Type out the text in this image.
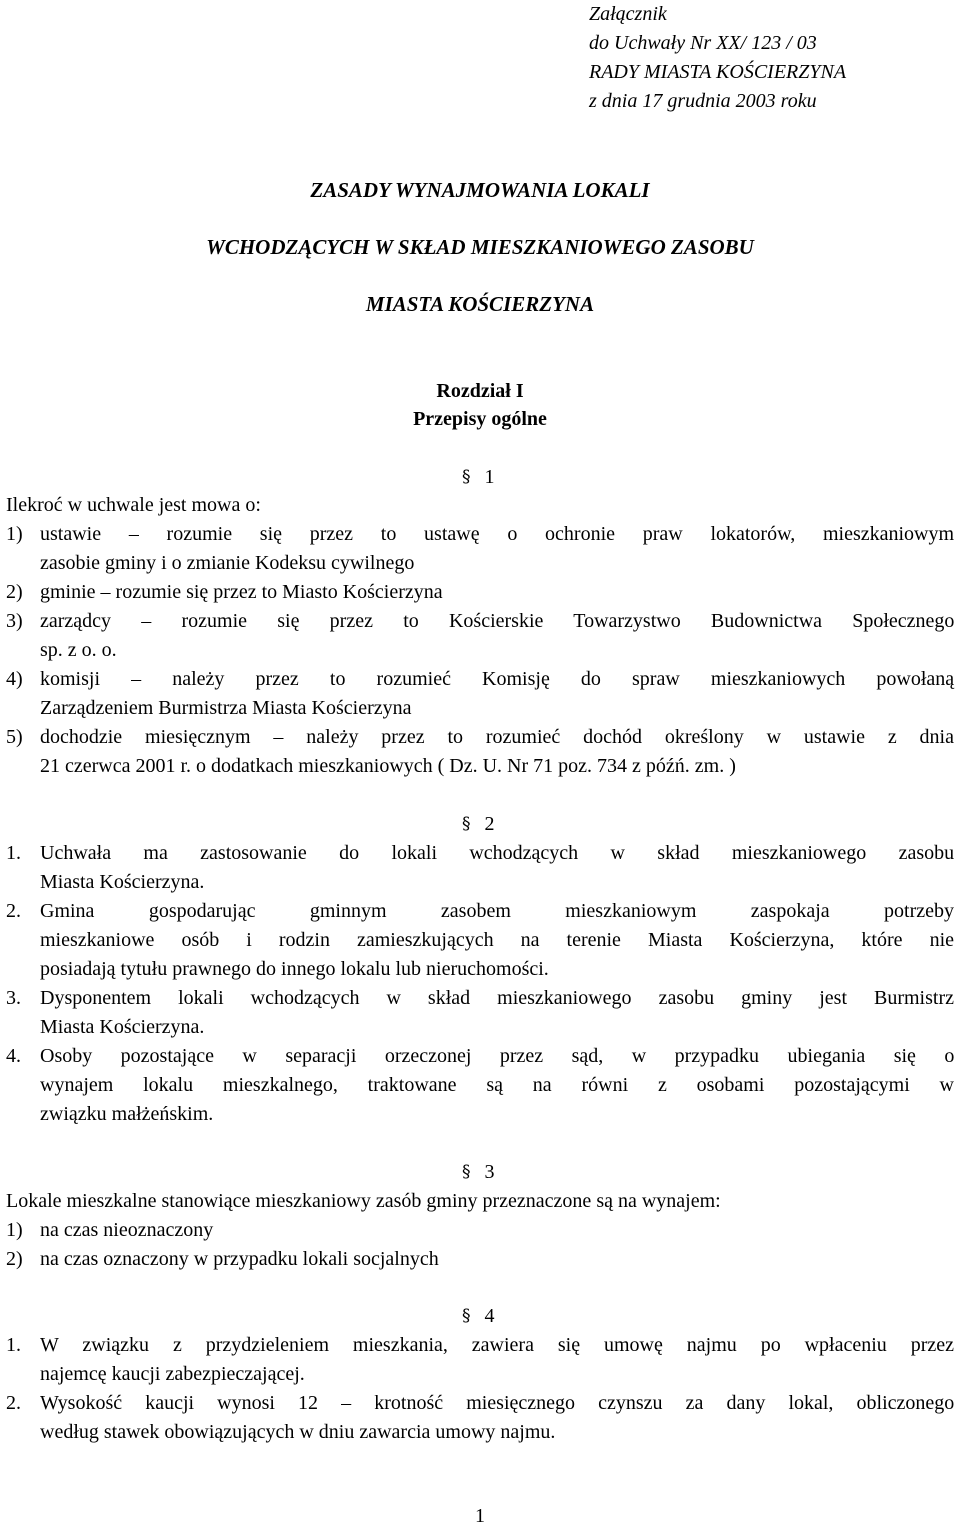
Załącznik
do Uchwały Nr XX/ 123 / 03
RADY MIASTA KOŚCIERZYNA
z dnia 17 grudnia 2003 roku
ZASADY WYNAJMOWANIA LOKALI
WCHODZĄCYCH W SKŁAD MIESZKANIOWEGO ZASOBU
MIASTA KOŚCIERZYNA
Rozdział I
Przepisy ogólne
§ 1
Ilekroć w uchwale jest mowa o:
1) ustawie – rozumie się przez to ustawę o ochronie praw lokatorów, mieszkaniowym
zasobie gminy i o zmianie Kodeksu cywilnego
2) gminie – rozumie się przez to Miasto Kościerzyna
3) zarządcy – rozumie się przez to Kościerskie Towarzystwo Budownictwa Społecznego
sp. z o. o.
4) komisji – należy przez to rozumieć Komisję do spraw mieszkaniowych powołaną
Zarządzeniem Burmistrza Miasta Kościerzyna
5) dochodzie miesięcznym – należy przez to rozumieć dochód określony w ustawie z dnia
21 czerwca 2001 r. o dodatkach mieszkaniowych ( Dz. U. Nr 71 poz. 734 z późń. zm. )
§ 2
1. Uchwała ma zastosowanie do lokali wchodzących w skład mieszkaniowego zasobu
Miasta Kościerzyna.
2. Gmina gospodarując gminnym zasobem mieszkaniowym zaspokaja potrzeby
mieszkaniowe osób i rodzin zamieszkujących na terenie Miasta Kościerzyna, które nie
posiadają tytułu prawnego do innego lokalu lub nieruchomości.
3. Dysponentem lokali wchodzących w skład mieszkaniowego zasobu gminy jest Burmistrz
Miasta Kościerzyna.
4. Osoby pozostające w separacji orzeczonej przez sąd, w przypadku ubiegania się o
wynajem lokalu mieszkalnego, traktowane są na równi z osobami pozostającymi w
związku małżeńskim.
§ 3
Lokale mieszkalne stanowiące mieszkaniowy zasób gminy przeznaczone są na wynajem:
1) na czas nieoznaczony
2) na czas oznaczony w przypadku lokali socjalnych
§ 4
1. W związku z przydzieleniem mieszkania, zawiera się umowę najmu po wpłaceniu przez
najemcę kaucji zabezpieczającej.
2. Wysokość kaucji wynosi 12 – krotność miesięcznego czynszu za dany lokal, obliczonego
według stawek obowiązujących w dniu zawarcia umowy najmu.
1
